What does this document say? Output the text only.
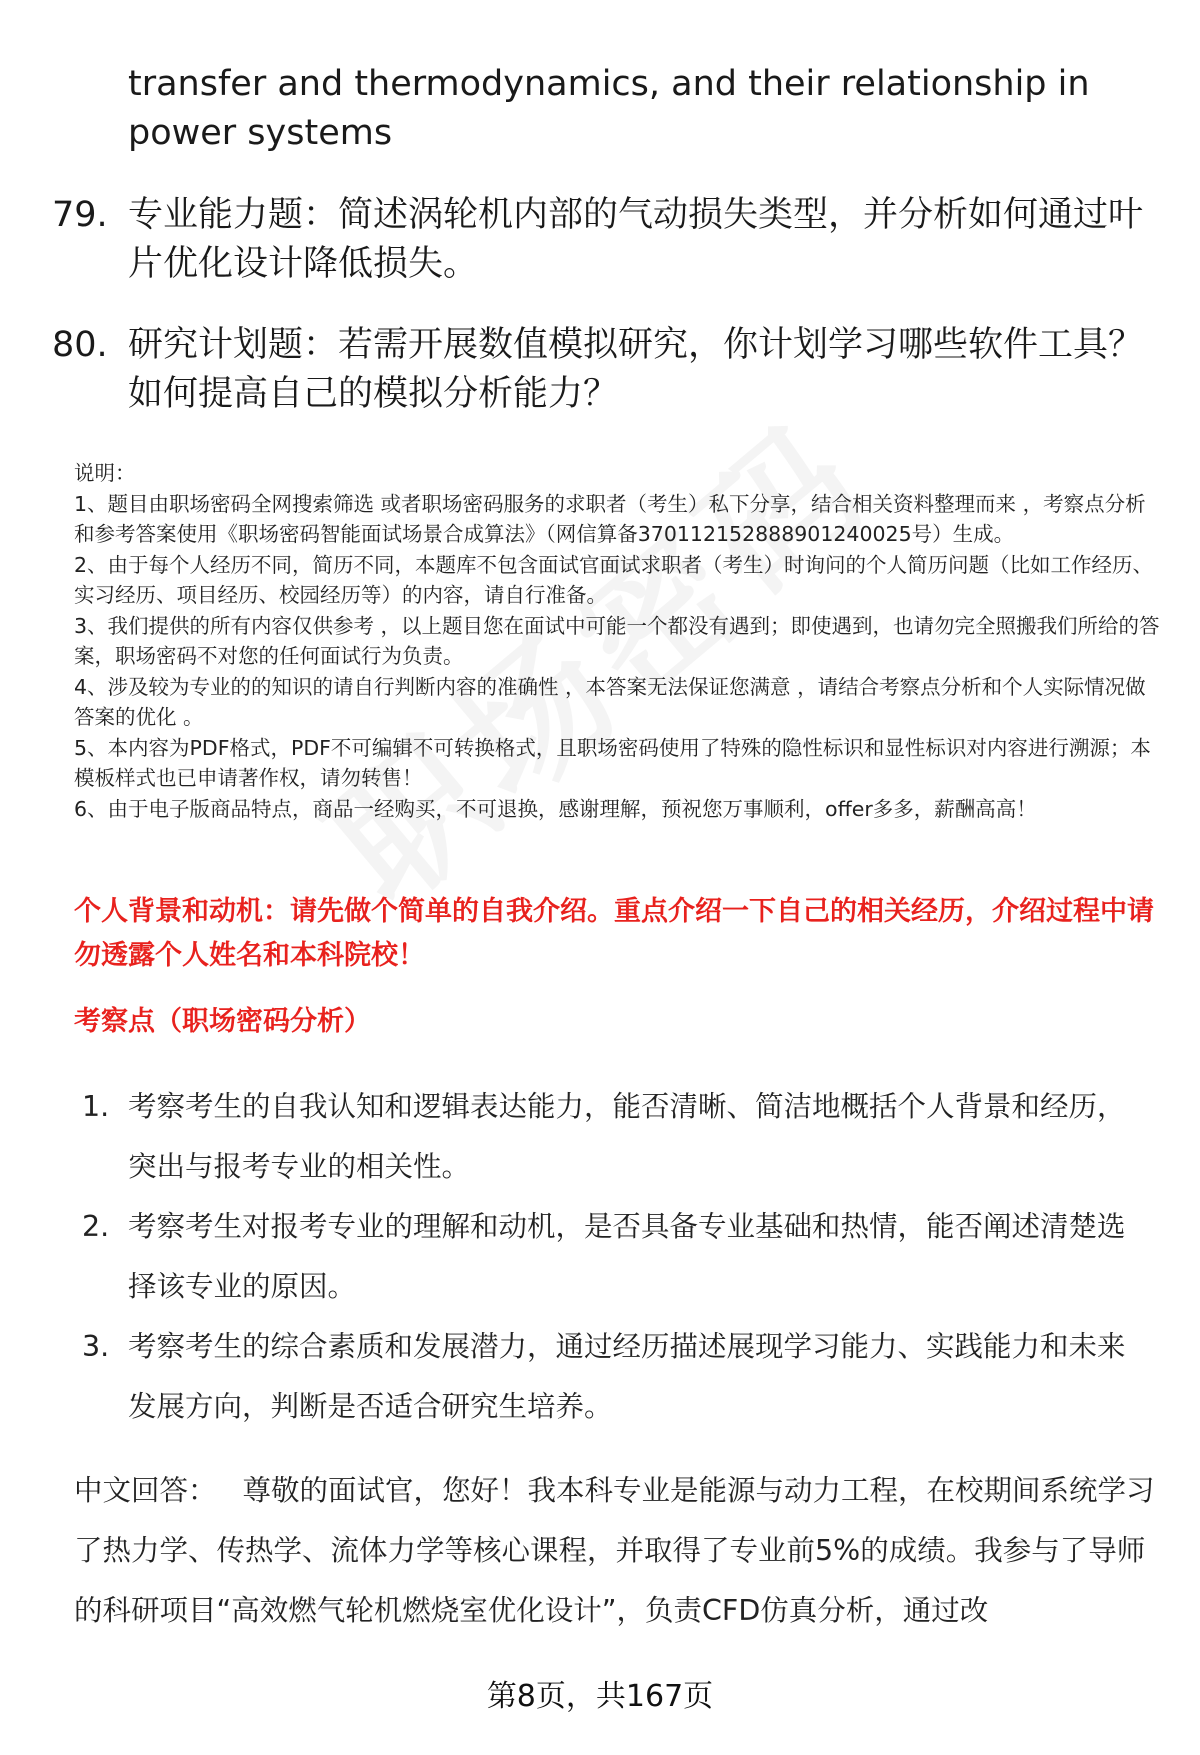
transfer and thermodynamics, and their relationship in power systems
79. 专业能力题：简述涡轮机内部的气动损失类型，并分析如何通过叶片优化设计降低损失。
80. 研究计划题：若需开展数值模拟研究，你计划学习哪些软件工具？如何提高自己的模拟分析能力？

说明：

1、题目由职场密码全网搜索筛选 或者职场密码服务的求职者（考生）私下分享，结合相关资料整理而来 ，考察点分析和参考答案使用《职场密码智能面试场景合成算法》（网信算备370112152888901240025号）生成。

2、由于每个人经历不同，简历不同，本题库不包含面试官面试求职者（考生）时询问的个人简历问题（比如工作经历、实习经历、项目经历、校园经历等）的内容，请自行准备。

3、我们提供的所有内容仅供参考 ，以上题目您在面试中可能一个都没有遇到；即使遇到，也请勿完全照搬我们所给的答案，职场密码不对您的任何面试行为负责。

4、涉及较为专业的的知识的请自行判断内容的准确性 ，本答案无法保证您满意 ，请结合考察点分析和个人实际情况做答案的优化 。

5、本内容为PDF格式，PDF不可编辑不可转换格式，且职场密码使用了特殊的隐性标识和显性标识对内容进行溯源；本模板样式也已申请著作权，请勿转售！

6、由于电子版商品特点，商品一经购买，不可退换，感谢理解，预祝您万事顺利，offer多多，薪酬高高！

个人背景和动机：请先做个简单的自我介绍。重点介绍一下自己的相关经历，介绍过程中请勿透露个人姓名和本科院校！
考察点（职场密码分析）
1. 考察考生的自我认知和逻辑表达能力，能否清晰、简洁地概括个人背景和经历，突出与报考专业的相关性。
2. 考察考生对报考专业的理解和动机，是否具备专业基础和热情，能否阐述清楚选择该专业的原因。
3. 考察考生的综合素质和发展潜力，通过经历描述展现学习能力、实践能力和未来发展方向，判断是否适合研究生培养。
中文回答： 尊敬的面试官，您好！我本科专业是能源与动力工程，在校期间系统学习了热力学、传热学、流体力学等核心课程，并取得了专业前5%的成绩。我参与了导师的科研项目“高效燃气轮机燃烧室优化设计”，负责CFD仿真分析，通过改
第8页，共167页
